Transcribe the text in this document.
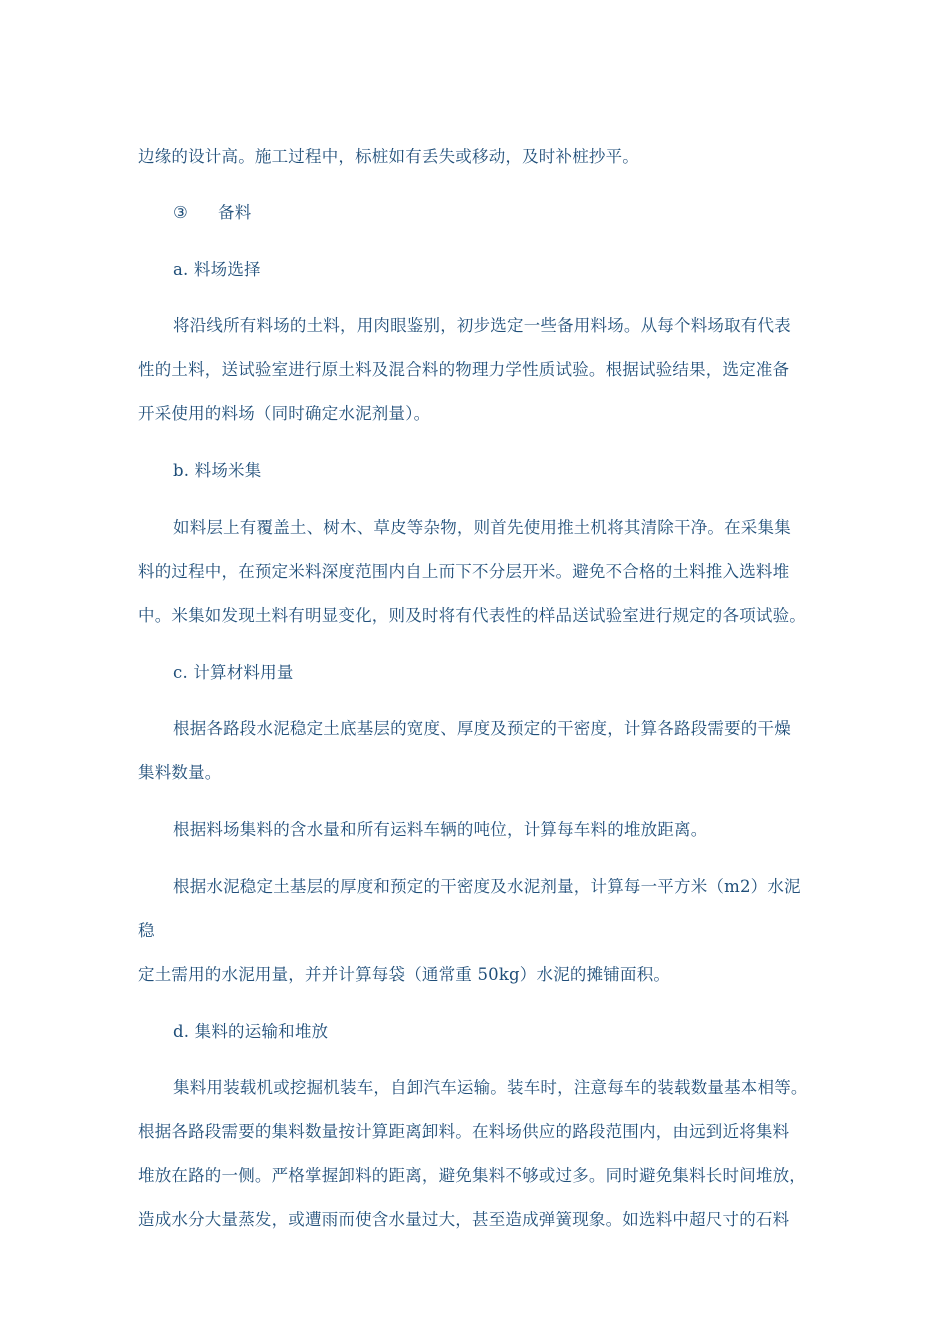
边缘的设计高。施工过程中，标桩如有丢失或移动，及时补桩抄平。
③ 备料
a. 料场选择
将沿线所有料场的土料，用肉眼鉴别，初步选定一些备用料场。从每个料场取有代表
性的土料，送试验室进行原土料及混合料的物理力学性质试验。根据试验结果，选定准备
开采使用的料场（同时确定水泥剂量）。
b. 料场米集
如料层上有覆盖土、树木、草皮等杂物，则首先使用推土机将其清除干净。在采集集
料的过程中，在预定米料深度范围内自上而下不分层开米。避免不合格的土料推入选料堆
中。米集如发现土料有明显变化，则及时将有代表性的样品送试验室进行规定的各项试验。
c. 计算材料用量
根据各路段水泥稳定土底基层的宽度、厚度及预定的干密度，计算各路段需要的干燥
集料数量。
根据料场集料的含水量和所有运料车辆的吨位，计算每车料的堆放距离。
根据水泥稳定土基层的厚度和预定的干密度及水泥剂量，计算每一平方米（m2）水泥
稳
定土需用的水泥用量，并并计算每袋（通常重 50kg）水泥的摊铺面积。
d. 集料的运输和堆放
集料用装载机或挖掘机装车，自卸汽车运输。装车时，注意每车的装载数量基本相等。
根据各路段需要的集料数量按计算距离卸料。在料场供应的路段范围内，由远到近将集料
堆放在路的一侧。严格掌握卸料的距离，避免集料不够或过多。同时避免集料长时间堆放，
造成水分大量蒸发，或遭雨而使含水量过大，甚至造成弹簧现象。如选料中超尺寸的石料
